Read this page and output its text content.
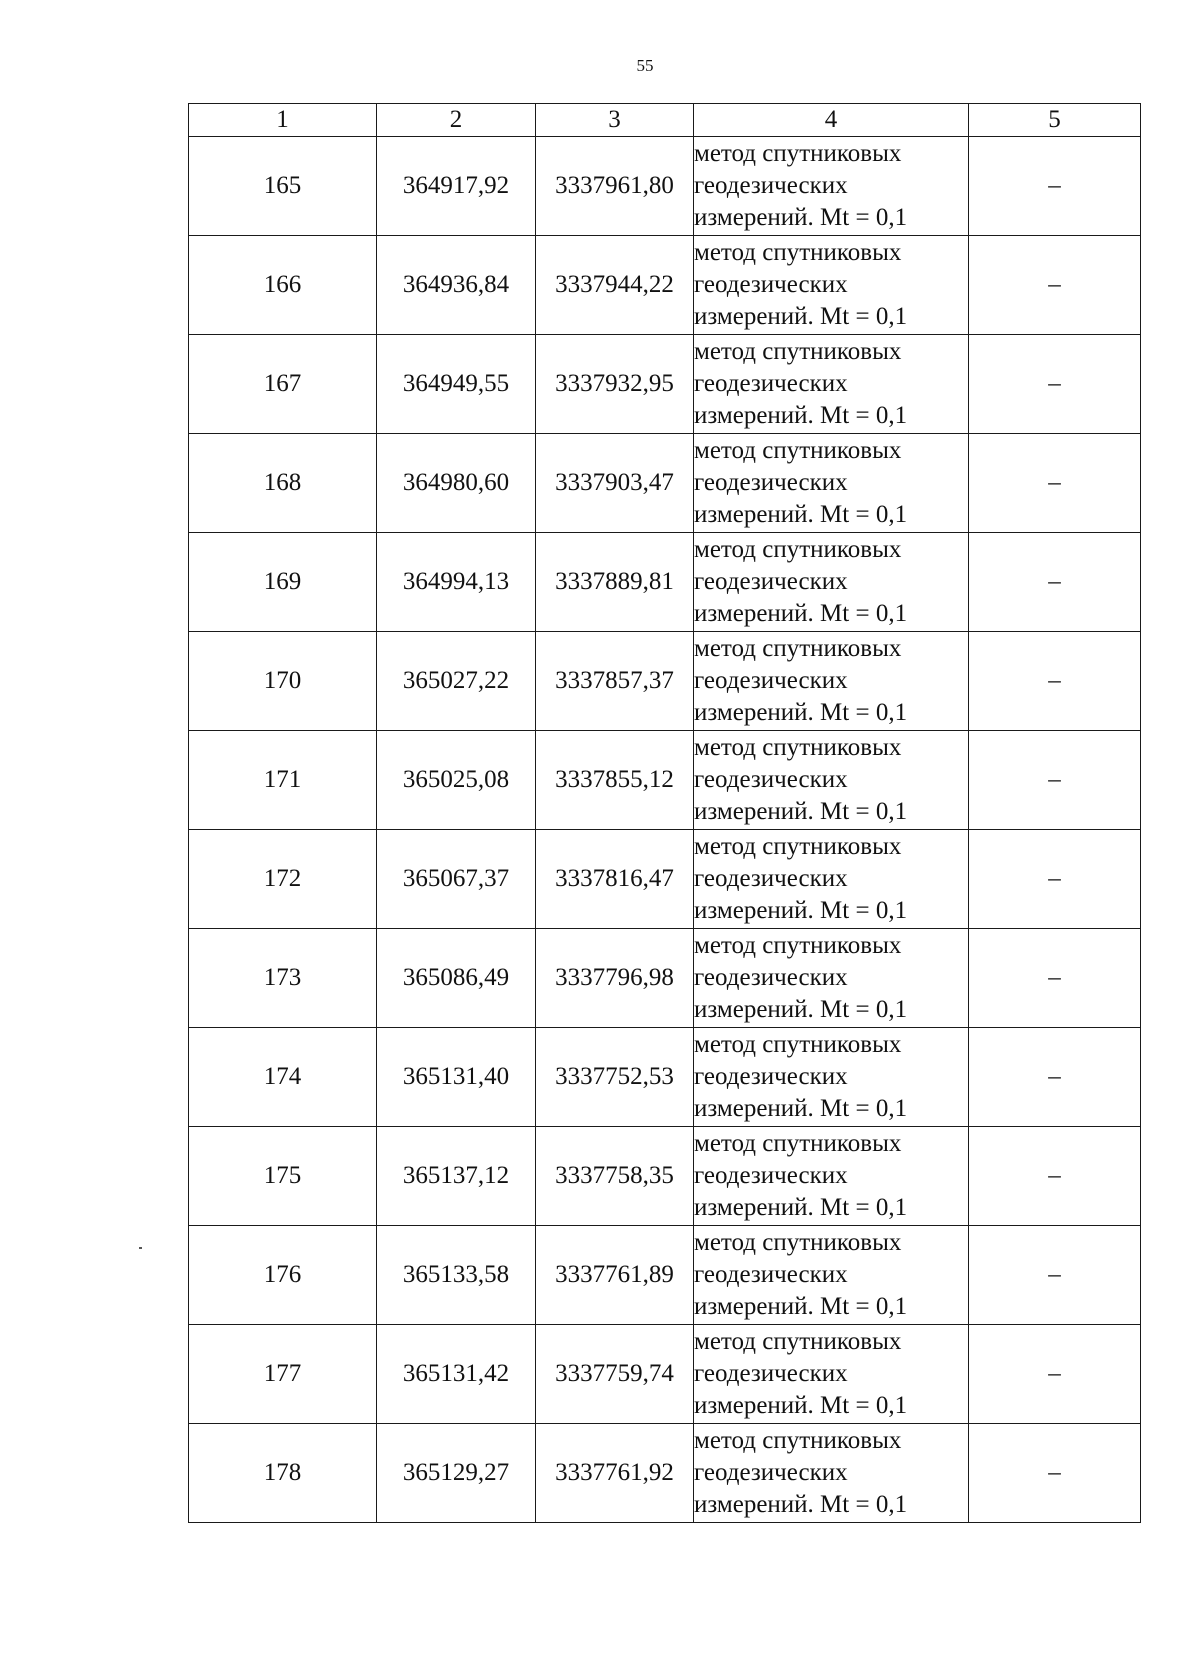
55
1	2	3	4	5
165	364917,92	3337961,80	метод спутниковых
геодезических
измерений. Mt = 0,1	–
166	364936,84	3337944,22	метод спутниковых
геодезических
измерений. Mt = 0,1	–
167	364949,55	3337932,95	метод спутниковых
геодезических
измерений. Mt = 0,1	–
168	364980,60	3337903,47	метод спутниковых
геодезических
измерений. Mt = 0,1	–
169	364994,13	3337889,81	метод спутниковых
геодезических
измерений. Mt = 0,1	–
170	365027,22	3337857,37	метод спутниковых
геодезических
измерений. Mt = 0,1	–
171	365025,08	3337855,12	метод спутниковых
геодезических
измерений. Mt = 0,1	–
172	365067,37	3337816,47	метод спутниковых
геодезических
измерений. Mt = 0,1	–
173	365086,49	3337796,98	метод спутниковых
геодезических
измерений. Mt = 0,1	–
174	365131,40	3337752,53	метод спутниковых
геодезических
измерений. Mt = 0,1	–
175	365137,12	3337758,35	метод спутниковых
геодезических
измерений. Mt = 0,1	–
176	365133,58	3337761,89	метод спутниковых
геодезических
измерений. Mt = 0,1	–
177	365131,42	3337759,74	метод спутниковых
геодезических
измерений. Mt = 0,1	–
178	365129,27	3337761,92	метод спутниковых
геодезических
измерений. Mt = 0,1	–
